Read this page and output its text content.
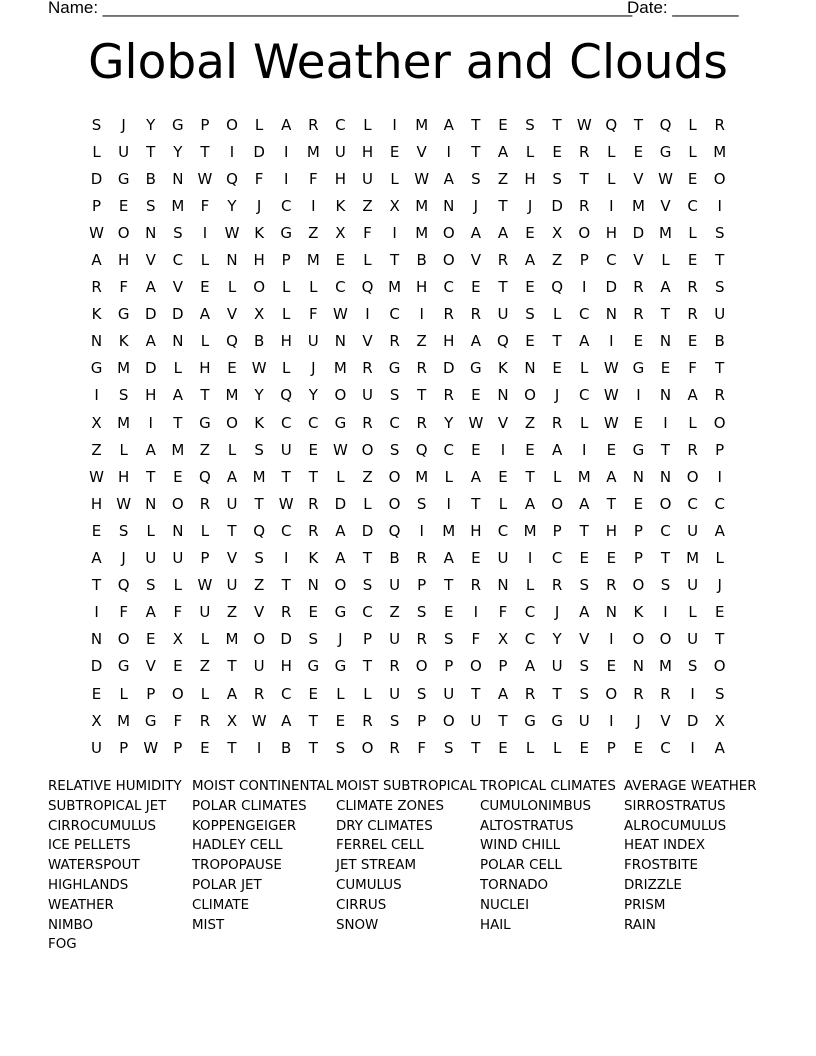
Name: ________________________________________________________
Date: _______
Global Weather and Clouds
S	J	Y	G	P	O	L	A	R	C	L	I	M	A	T	E	S	T	W Q	T	Q	L	R
L	U	T	Y	T	I	D	I	M	U	H	E	V	I	T	A	L	E	R	L	E	G	L	M
D	G	B	N W Q	F	I	F	H	U	L	W A	S	Z	H	S	T	L	V W E	O
P	E	S	M	F	Y	J	C	I	K	Z	X	M	N	J	T	J	D	R	I	M	V	C	I
W O	N	S	I	W K	G	Z	X	F	I	M O	A	A	E	X	O	H	D M	L	S
A	H	V	C	L	N	H	P	M	E	L	T	B	O	V	R	A	Z	P	C	V	L	E	T
R	F	A	V	E	L	O	L	L	C	Q M H	C	E	T	E	Q	I	D	R	A	R	S
K	G	D	D	A	V	X	L	F	W	I	C	I	R	R	U	S	L	C	N	R	T	R	U
N	K	A	N	L	Q	B	H	U	N	V	R	Z	H	A	Q	E	T	A	I	E	N	E	B
G M D	L	H	E W	L	J	M	R	G	R	D	G	K	N	E	L	W G	E	F	T
I	S	H	A	T	M	Y	Q	Y	O	U	S	T	R	E	N	O	J	C W	I	N	A	R
X	M	I	T	G	O	K	C	C	G	R	C	R	Y	W V	Z	R	L	W E	I	L	O
Z	L	A	M	Z	L	S	U	E W O	S	Q	C	E	I	E	A	I	E	G	T	R	P
W H	T	E	Q	A	M	T	T	L	Z	O M	L	A	E	T	L	M	A	N	N	O	I
H W N	O	R	U	T	W R	D	L	O	S	I	T	L	A	O	A	T	E	O	C	C
E	S	L	N	L	T	Q	C	R	A	D	Q	I	M H	C	M	P	T	H	P	C	U	A
A	J	U	U	P	V	S	I	K	A	T	B	R	A	E	U	I	C	E	E	P	T	M	L
T	Q	S	L	W U	Z	T	N	O	S	U	P	T	R	N	L	R	S	R	O	S	U	J
I	F	A	F	U	Z	V	R	E	G	C	Z	S	E	I	F	C	J	A	N	K	I	L	E
N	O	E	X	L	M O	D	S	J	P	U	R	S	F	X	C	Y	V	I	O	O	U	T
D	G	V	E	Z	T	U	H	G	G	T	R	O	P	O	P	A	U	S	E	N	M	S	O
E	L	P	O	L	A	R	C	E	L	L	U	S	U	T	A	R	T	S	O	R	R	I	S
X	M G	F	R	X W A	T	E	R	S	P	O	U	T	G	G	U	I	J	V	D	X
U	P	W	P	E	T	I	B	T	S	O	R	F	S	T	E	L	L	E	P	E	C	I	A
RELATIVE HUMIDITY
SUBTROPICAL JET
CIRROCUMULUS
ICE PELLETS
WATERSPOUT
HIGHLANDS
WEATHER
NIMBO
FOG
MOIST CONTINENTAL
POLAR CLIMATES
KOPPENGEIGER
HADLEY CELL
TROPOPAUSE
POLAR JET
CLIMATE
MIST
MOIST SUBTROPICAL
CLIMATE ZONES
DRY CLIMATES
FERREL CELL
JET STREAM
CUMULUS
CIRRUS
SNOW
TROPICAL CLIMATES
CUMULONIMBUS
ALTOSTRATUS
WIND CHILL
POLAR CELL
TORNADO
NUCLEI
HAIL
AVERAGE WEATHER
SIRROSTRATUS
ALROCUMULUS
HEAT INDEX
FROSTBITE
DRIZZLE
PRISM
RAIN
